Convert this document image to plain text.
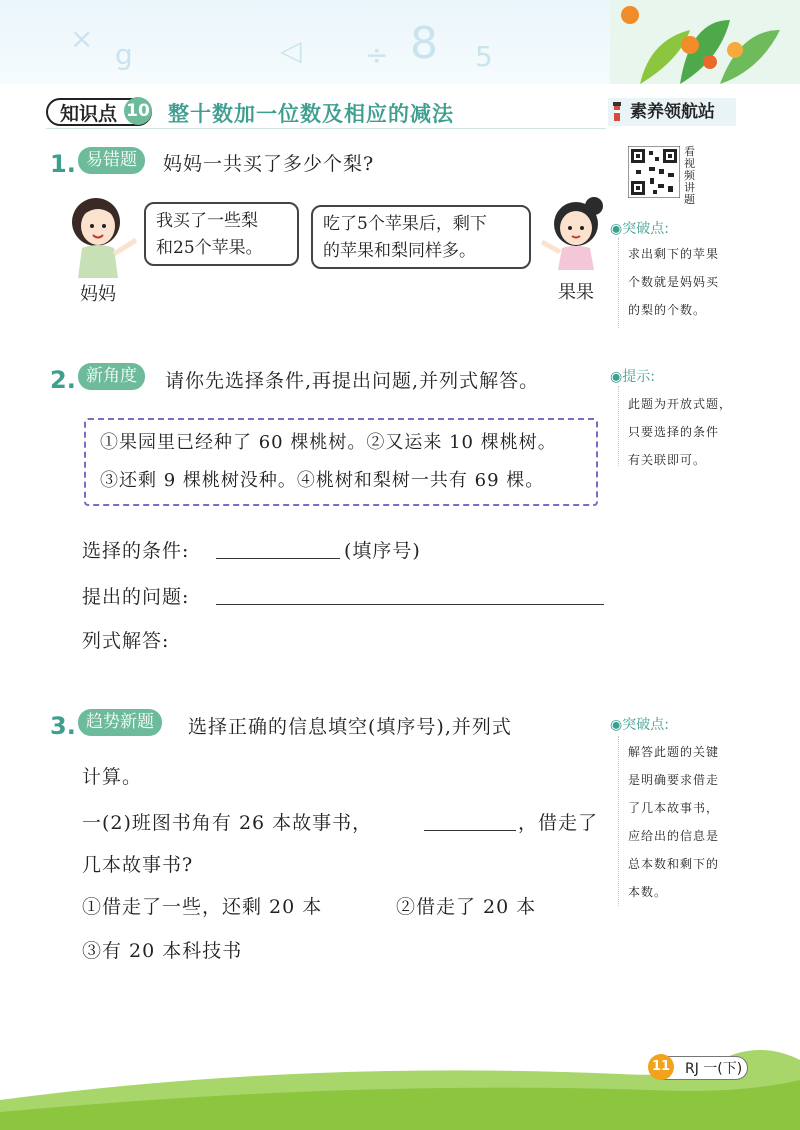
× g	◁ ÷ 8 5
知识点 10 整十数加一位数及相应的减法	素养领航站
看视频讲题
1. 易错题	妈妈一共买了多少个梨?
我买了一些梨
和25个苹果。
吃了5个苹果后，剩下
的苹果和梨同样多。
妈妈	果果
◉突破点:
求出剩下的苹果
个数就是妈妈买
的梨的个数。
2. 新角度	请你先选择条件,再提出问题,并列式解答。	◉提示:
此题为开放式题，
只要选择的条件
有关联即可。
①果园里已经种了 60 棵桃树。②又运来 10 棵桃树。
③还剩 9 棵桃树没种。④桃树和梨树一共有 69 棵。
选择的条件:	(填序号)
提出的问题:
列式解答:
3. 趋势新题	选择正确的信息填空(填序号),并列式
计算。
一(2)班图书角有 26 本故事书，	，借走了
几本故事书?
①借走了一些，还剩 20 本	②借走了 20 本
③有 20 本科技书
◉突破点:
解答此题的关键
是明确要求借走
了几本故事书，
应给出的信息是
总本数和剩下的
本数。
RJ 一(下)
11
